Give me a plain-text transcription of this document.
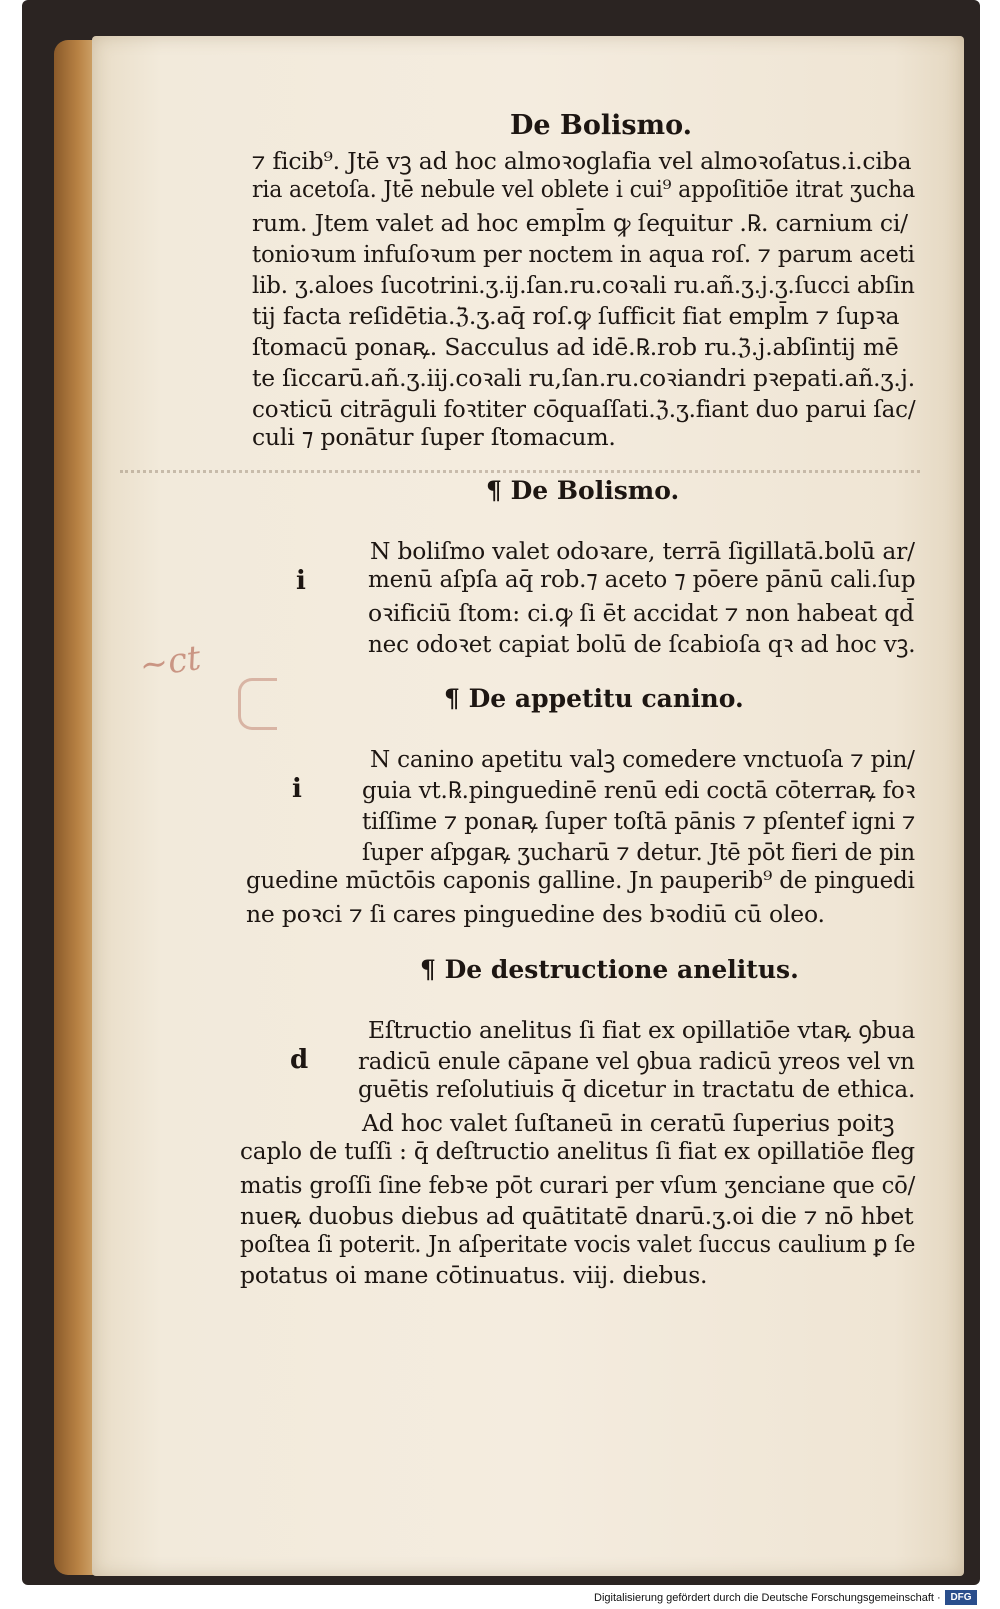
De Bolismo.
⁊ ficib⁹. Jtē vꝫ ad hoc almoꝛoglafia vel almoꝛoſatus.i.ciba
ria acetoſa. Jtē nebule vel oblete i cui⁹ appoſitiōe itrat ʒucha
rum. Jtem valet ad hoc empl̄m ꝙ ſequitur .℞. carnium ci/
tonioꝛum infuſoꝛum per noctem in aqua roſ. ⁊ parum aceti
lib. ʒ.aloes ſucotrini.ʒ.ij.ſan.ru.coꝛali ru.añ.ʒ.j.ʒ.ſucci abſin
tij facta reſidētia.ℨ.ʒ.aq̄ roſ.ꝙ ſufficit fiat empl̄m ⁊ ſupꝛa
ſtomacū ponaꝶ. Sacculus ad idē.℞.rob ru.ℨ.j.abſintij mē
te ſiccarū.añ.ʒ.iij.coꝛali ru,ſan.ru.coꝛiandri pꝛepati.añ.ʒ.j.
coꝛticū citrāguli foꝛtiter cōquaſſati.ℨ.ʒ.fiant duo parui ſac/
culi ⁊ ponātur ſuper ſtomacum.
¶ De Bolismo.
N boliſmo valet odoꝛare, terrā ſigillatā.bolū ar/
menū aſpſa aq̄ rob.⁊ aceto ⁊ pōere pānū cali.ſup
oꝛificiū ſtom: ci.ꝙ ſi ēt accidat ⁊ non habeat qd̄
nec odoꝛet capiat bolū de ſcabioſa qꝛ ad hoc vꝫ.
i
~ct
¶ De appetitu canino.
N canino apetitu valꝫ comedere vnctuoſa ⁊ pin/
guia vt.℞.pinguedinē renū edi coctā cōterraꝶ foꝛ
tiſſime ⁊ ponaꝶ ſuper toſtā pānis ⁊ pſentef igni ⁊
ſuper aſpgaꝶ ʒucharū ⁊ detur. Jtē pōt fieri de pin
guedine mūctōis caponis galline. Jn pauperib⁹ de pinguedi
ne poꝛci ⁊ ſi cares pinguedine des bꝛodiū cū oleo.
i
¶ De destructione anelitus.
Eſtructio anelitus ſi fiat ex opillatiōe vtaꝶ ꝯbua
radicū enule cāpane vel ꝯbua radicū yreos vel vn
guētis reſolutiuis q̄ dicetur in tractatu de ethica.
Ad hoc valet ſuſtaneū in ceratū ſuperius poitꝫ
caplo de tuſſi : q̄ deſtructio anelitus ſi fiat ex opillatiōe fleg
matis groſſi ſine febꝛe pōt curari per vſum ʒenciane que cō/
nueꝶ duobus diebus ad quātitatē dnarū.ʒ.oi die ⁊ nō hbet
poſtea ſi poterit. Jn aſperitate vocis valet ſuccus caulium ꝑ ſe
potatus oi mane cōtinuatus. viij. diebus.
d
Digitalisierung gefördert durch die Deutsche Forschungsgemeinschaft · DFG
